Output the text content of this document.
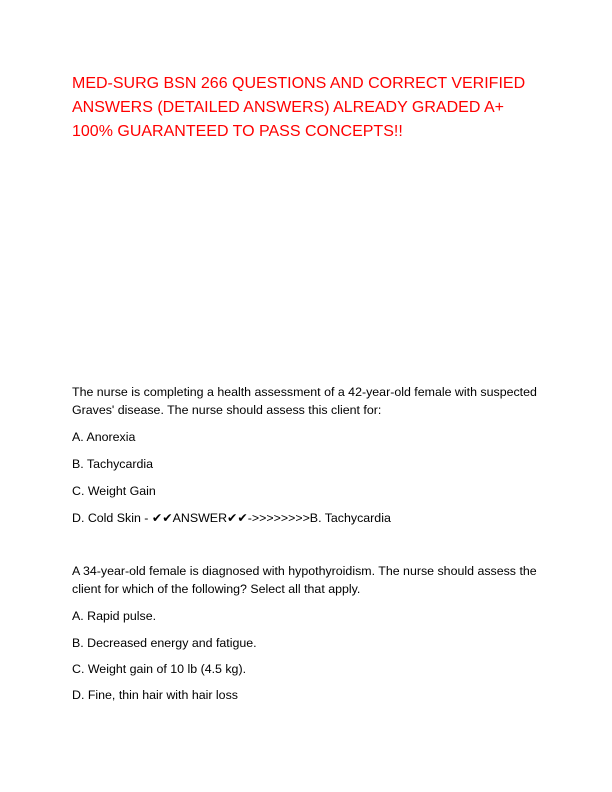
MED-SURG BSN 266 QUESTIONS AND CORRECT VERIFIED ANSWERS (DETAILED ANSWERS) ALREADY GRADED A+ 100% GUARANTEED TO PASS CONCEPTS!!

The nurse is completing a health assessment of a 42-year-old female with suspected Graves' disease. The nurse should assess this client for:

A. Anorexia

B. Tachycardia

C. Weight Gain

D. Cold Skin - ✔✔ANSWER✔✔->>>>>>>>B. Tachycardia

A 34-year-old female is diagnosed with hypothyroidism. The nurse should assess the client for which of the following? Select all that apply.

A. Rapid pulse.

B. Decreased energy and fatigue.

C. Weight gain of 10 lb (4.5 kg).

D. Fine, thin hair with hair loss
